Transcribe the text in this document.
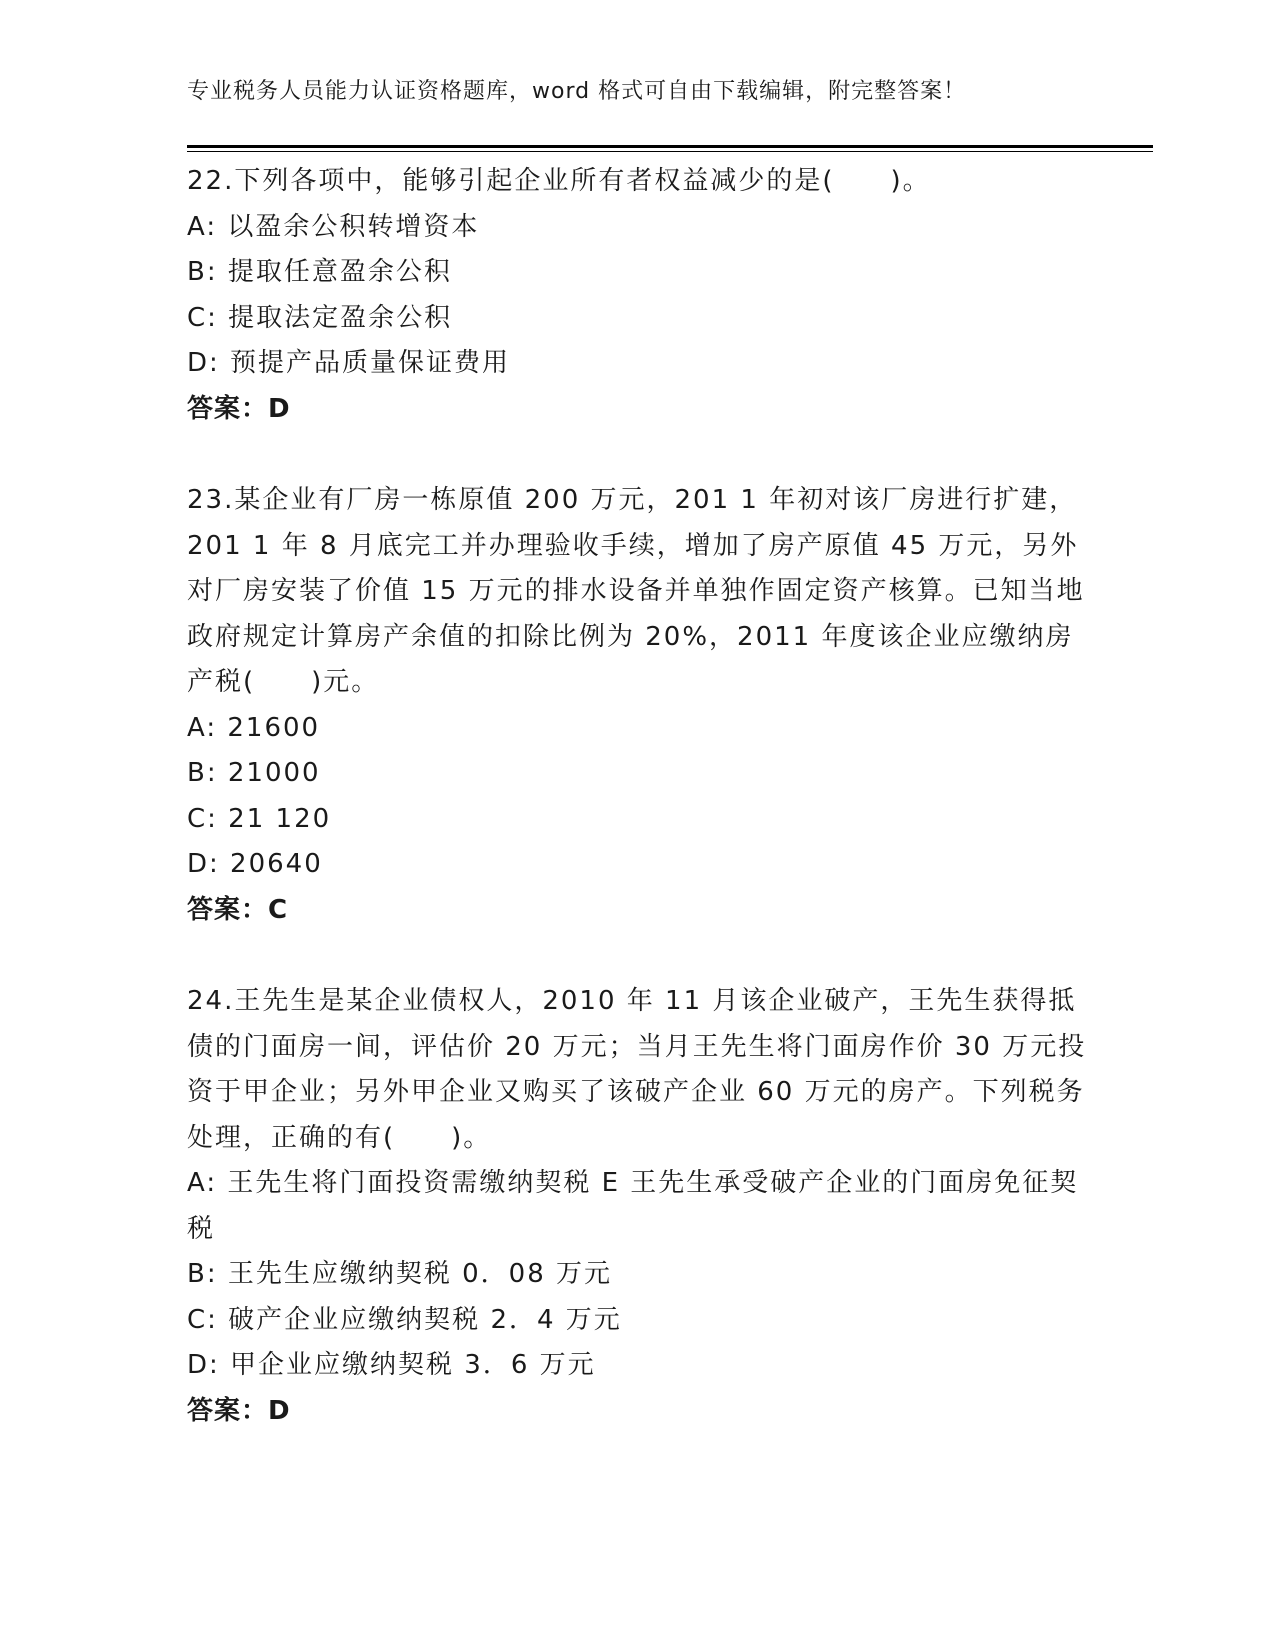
专业税务人员能力认证资格题库，word 格式可自由下载编辑，附完整答案！
22.下列各项中，能够引起企业所有者权益减少的是(　　)。
A: 以盈余公积转增资本
B: 提取任意盈余公积
C: 提取法定盈余公积
D: 预提产品质量保证费用
答案：D
23.某企业有厂房一栋原值 200 万元，201 1 年初对该厂房进行扩建，201 1 年 8 月底完工并办理验收手续，增加了房产原值 45 万元，另外对厂房安装了价值 15 万元的排水设备并单独作固定资产核算。已知当地政府规定计算房产余值的扣除比例为 20%，2011 年度该企业应缴纳房产税(　　)元。
A: 21600
B: 21000
C: 21 120
D: 20640
答案：C
24.王先生是某企业债权人，2010 年 11 月该企业破产，王先生获得抵债的门面房一间，评估价 20 万元；当月王先生将门面房作价 30 万元投资于甲企业；另外甲企业又购买了该破产企业 60 万元的房产。下列税务处理，正确的有(　　)。
A: 王先生将门面投资需缴纳契税 E 王先生承受破产企业的门面房免征契税
B: 王先生应缴纳契税 0．08 万元
C: 破产企业应缴纳契税 2．4 万元
D: 甲企业应缴纳契税 3．6 万元
答案：D
